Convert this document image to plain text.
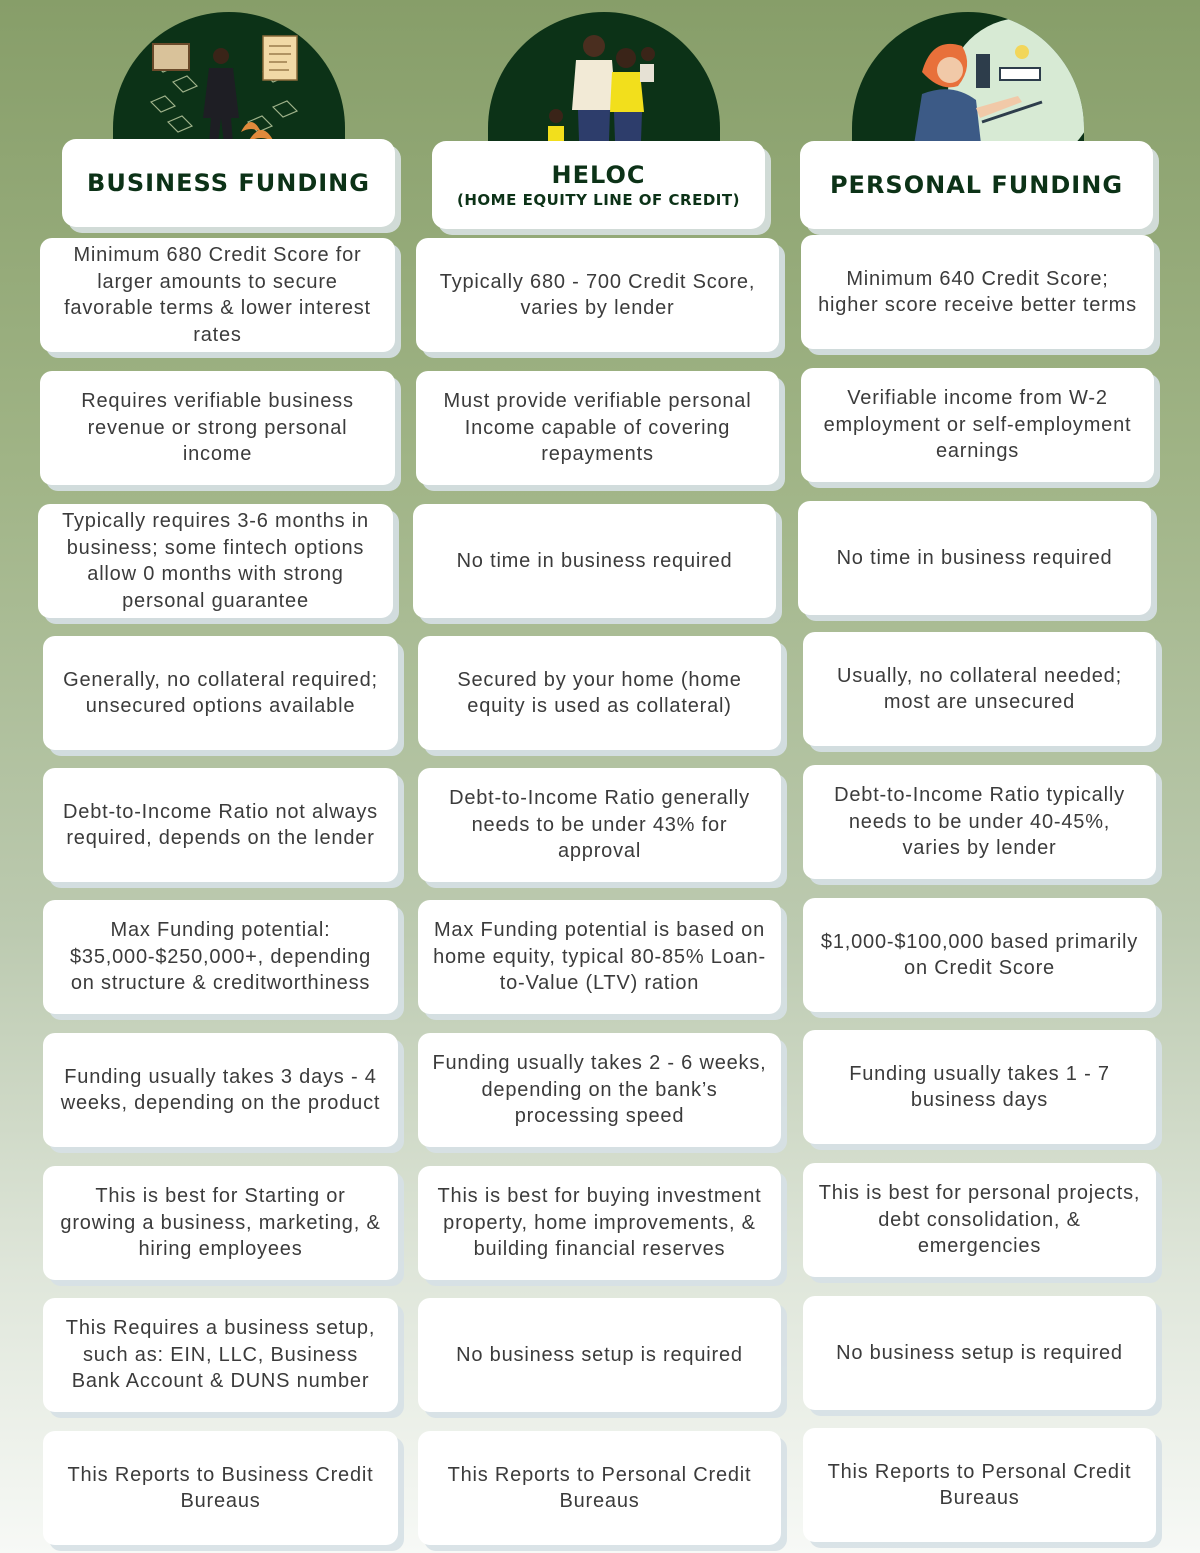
BUSINESS FUNDING	HELOC
(HOME EQUITY LINE OF CREDIT)
PERSONAL FUNDING
Minimum 680 Credit Score for larger amounts to secure favorable terms & lower interest rates
Requires verifiable business revenue or strong personal income
Typically requires 3-6 months in business; some fintech options allow 0 months with strong personal guarantee
Generally, no collateral required; unsecured options available
Debt-to-Income Ratio not always required, depends on the lender
Max Funding potential: $35,000-$250,000+, depending on structure & creditworthiness
Funding usually takes 3 days - 4 weeks, depending on the product
This is best for Starting or growing a business, marketing, & hiring employees
This Requires a business setup, such as: EIN, LLC, Business Bank Account & DUNS number
This Reports to Business Credit Bureaus
Typically 680 - 700 Credit Score, varies by lender
Must provide verifiable personal Income capable of covering repayments
No time in business required
Secured by your home (home equity is used as collateral)
Debt-to-Income Ratio generally needs to be under 43% for approval
Max Funding potential is based on home equity, typical 80-85% Loan-to-Value (LTV) ration
Funding usually takes 2 - 6 weeks, depending on the bank’s processing speed
This is best for buying investment property, home improvements, & building financial reserves
No business setup is required
This Reports to Personal Credit Bureaus
Minimum 640 Credit Score; higher score receive better terms
Verifiable income from W-2 employment or self-employment earnings
No time in business required
Usually, no collateral needed; most are unsecured
Debt-to-Income Ratio typically needs to be under 40-45%, varies by lender
$1,000-$100,000 based primarily on Credit Score
Funding usually takes 1 - 7 business days
This is best for personal projects, debt consolidation, & emergencies
No business setup is required
This Reports to Personal Credit Bureaus
